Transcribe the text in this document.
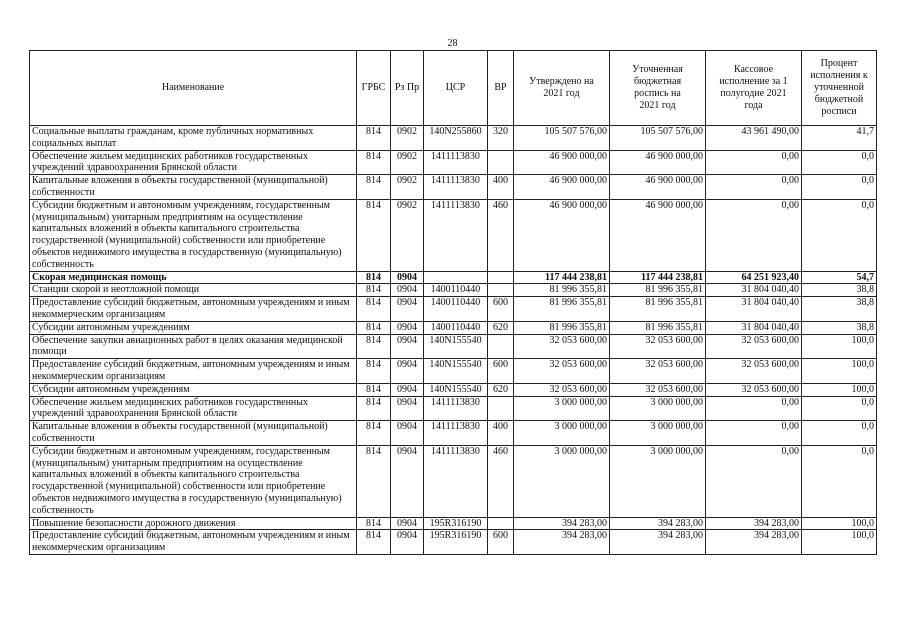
28
Наименование	ГРБС	Рз Пр	ЦСР	ВР	Утверждено на 2021 год	Уточненная бюджетная роспись на 2021 год	Кассовое исполнение за 1 полугодие 2021 года	Процент исполнения к уточненной бюджетной росписи
Социальные выплаты гражданам, кроме публичных нормативных социальных выплат	814	0902	140N255860	320	105 507 576,00	105 507 576,00	43 961 490,00	41,7
Обеспечение жильем медицинских работников государственных учреждений здравоохранения Брянской области	814	0902	1411113830		46 900 000,00	46 900 000,00	0,00	0,0
Капитальные вложения в объекты государственной (муниципальной) собственности	814	0902	1411113830	400	46 900 000,00	46 900 000,00	0,00	0,0
Субсидии бюджетным и автономным учреждениям, государственным (муниципальным) унитарным предприятиям на осуществление капитальных вложений в объекты капитального строительства государственной (муниципальной) собственности или приобретение объектов недвижимого имущества в государственную (муниципальную) собственность	814	0902	1411113830	460	46 900 000,00	46 900 000,00	0,00	0,0
Скорая медицинская помощь	814	0904			117 444 238,81	117 444 238,81	64 251 923,40	54,7
Станции скорой и неотложной помощи	814	0904	1400110440		81 996 355,81	81 996 355,81	31 804 040,40	38,8
Предоставление субсидий бюджетным, автономным учреждениям и иным некоммерческим организациям	814	0904	1400110440	600	81 996 355,81	81 996 355,81	31 804 040,40	38,8
Субсидии автономным учреждениям	814	0904	1400110440	620	81 996 355,81	81 996 355,81	31 804 040,40	38,8
Обеспечение закупки авиационных работ в целях оказания медицинской помощи	814	0904	140N155540		32 053 600,00	32 053 600,00	32 053 600,00	100,0
Предоставление субсидий бюджетным, автономным учреждениям и иным некоммерческим организациям	814	0904	140N155540	600	32 053 600,00	32 053 600,00	32 053 600,00	100,0
Субсидии автономным учреждениям	814	0904	140N155540	620	32 053 600,00	32 053 600,00	32 053 600,00	100,0
Обеспечение жильем медицинских работников государственных учреждений здравоохранения Брянской области	814	0904	1411113830		3 000 000,00	3 000 000,00	0,00	0,0
Капитальные вложения в объекты государственной (муниципальной) собственности	814	0904	1411113830	400	3 000 000,00	3 000 000,00	0,00	0,0
Субсидии бюджетным и автономным учреждениям, государственным (муниципальным) унитарным предприятиям на осуществление капитальных вложений в объекты капитального строительства государственной (муниципальной) собственности или приобретение объектов недвижимого имущества в государственную (муниципальную) собственность	814	0904	1411113830	460	3 000 000,00	3 000 000,00	0,00	0,0
Повышение безопасности дорожного движения	814	0904	195R316190		394 283,00	394 283,00	394 283,00	100,0
Предоставление субсидий бюджетным, автономным учреждениям и иным некоммерческим организациям	814	0904	195R316190	600	394 283,00	394 283,00	394 283,00	100,0
